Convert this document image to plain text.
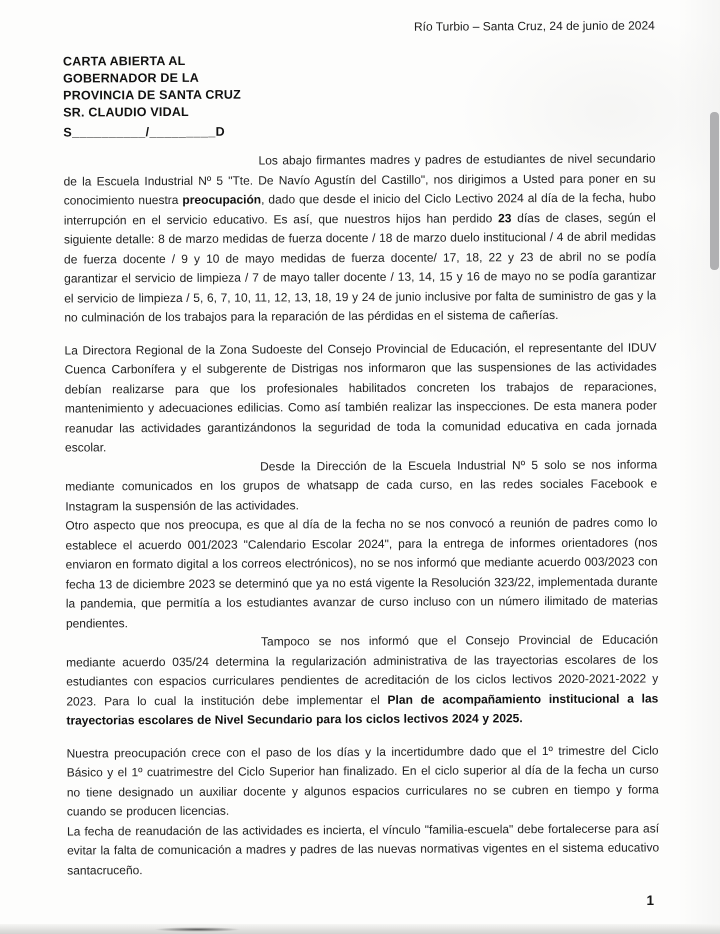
Río Turbio – Santa Cruz, 24 de junio de 2024
CARTA ABIERTA AL
GOBERNADOR DE LA
PROVINCIA DE SANTA CRUZ
SR. CLAUDIO VIDAL
S__________/_________D

Los abajo firmantes madres y padres de estudiantes de nivel secundario de la Escuela Industrial Nº 5 "Tte. De Navío Agustín del Castillo", nos dirigimos a Usted para poner en su conocimiento nuestra preocupación, dado que desde el inicio del Ciclo Lectivo 2024 al día de la fecha, hubo interrupción en el servicio educativo. Es así, que nuestros hijos han perdido 23 días de clases, según el siguiente detalle: 8 de marzo medidas de fuerza docente / 18 de marzo duelo institucional / 4 de abril medidas de fuerza docente / 9 y 10 de mayo medidas de fuerza docente/ 17, 18, 22 y 23 de abril no se podía garantizar el servicio de limpieza / 7 de mayo taller docente / 13, 14, 15 y 16 de mayo no se podía garantizar el servicio de limpieza / 5, 6, 7, 10, 11, 12, 13, 18, 19 y 24 de junio inclusive por falta de suministro de gas y la no culminación de los trabajos para la reparación de las pérdidas en el sistema de cañerías.

La Directora Regional de la Zona Sudoeste del Consejo Provincial de Educación, el representante del IDUV Cuenca Carbonífera y el subgerente de Distrigas nos informaron que las suspensiones de las actividades debían realizarse para que los profesionales habilitados concreten los trabajos de reparaciones, mantenimiento y adecuaciones edilicias. Como así también realizar las inspecciones. De esta manera poder reanudar las actividades garantizándonos la seguridad de toda la comunidad educativa en cada jornada escolar.

Desde la Dirección de la Escuela Industrial Nº 5 solo se nos informa mediante comunicados en los grupos de whatsapp de cada curso, en las redes sociales Facebook e Instagram la suspensión de las actividades.

Otro aspecto que nos preocupa, es que al día de la fecha no se nos convocó a reunión de padres como lo establece el acuerdo 001/2023 "Calendario Escolar 2024", para la entrega de informes orientadores (nos enviaron en formato digital a los correos electrónicos), no se nos informó que mediante acuerdo 003/2023 con fecha 13 de diciembre 2023 se determinó que ya no está vigente la Resolución 323/22, implementada durante la pandemia, que permitía a los estudiantes avanzar de curso incluso con un número ilimitado de materias pendientes.

Tampoco se nos informó que el Consejo Provincial de Educación mediante acuerdo 035/24 determina la regularización administrativa de las trayectorias escolares de los estudiantes con espacios curriculares pendientes de acreditación de los ciclos lectivos 2020-2021-2022 y 2023. Para lo cual la institución debe implementar el Plan de acompañamiento institucional a las trayectorias escolares de Nivel Secundario para los ciclos lectivos 2024 y 2025.

Nuestra preocupación crece con el paso de los días y la incertidumbre dado que el 1º trimestre del Ciclo Básico y el 1º cuatrimestre del Ciclo Superior han finalizado. En el ciclo superior al día de la fecha un curso no tiene designado un auxiliar docente y algunos espacios curriculares no se cubren en tiempo y forma cuando se producen licencias.

La fecha de reanudación de las actividades es incierta, el vínculo "familia-escuela" debe fortalecerse para así evitar la falta de comunicación a madres y padres de las nuevas normativas vigentes en el sistema educativo santacruceño.

1
